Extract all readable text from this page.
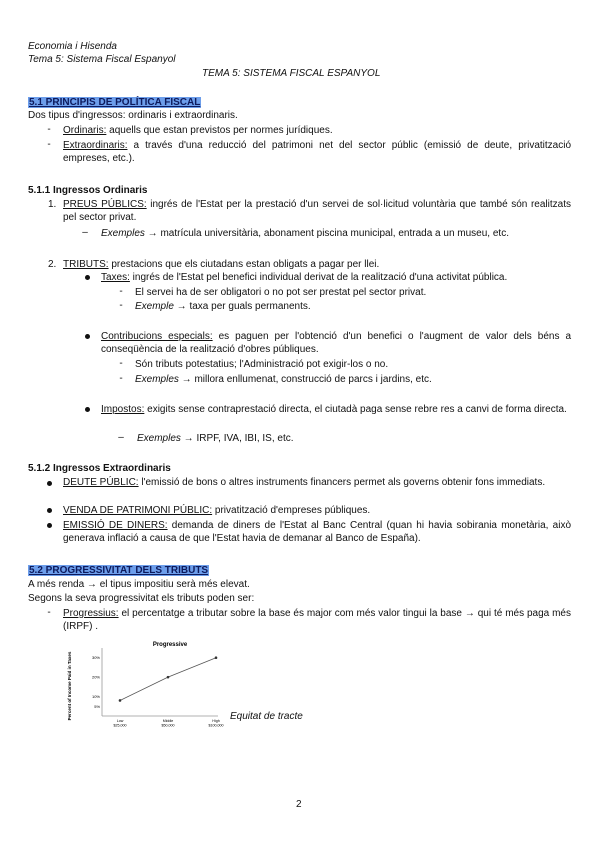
Economia i Hisenda
Tema 5: Sistema Fiscal Espanyol
TEMA 5: SISTEMA FISCAL ESPANYOL
5.1 PRINCIPIS DE POLÍTICA FISCAL
Dos tipus d'ingressos: ordinaris i extraordinaris.
-	Ordinaris: aquells que estan previstos per normes jurídiques.
-	Extraordinaris: a través d'una reducció del patrimoni net del sector públic (emissió de deute, privatització empreses, etc.).
5.1.1 Ingressos Ordinaris
1. PREUS PÚBLICS: ingrés de l'Estat per la prestació d'un servei de sol·licitud voluntària que també són realitzats pel sector privat.
– Exemples → matrícula universitària, abonament piscina municipal, entrada a un museu, etc.
2. TRIBUTS: prestacions que els ciutadans estan obligats a pagar per llei.
Taxes: ingrés de l'Estat pel benefici individual derivat de la realització d'una activitat pública.
-	El servei ha de ser obligatori o no pot ser prestat pel sector privat.
-	Exemple → taxa per guals permanents.
Contribucions especials: es paguen per l'obtenció d'un benefici o l'augment de valor dels béns a conseqüència de la realització d'obres públiques.
-	Són tributs potestatius; l'Administració pot exigir-los o no.
-	Exemples → millora enllumenat, construcció de parcs i jardins, etc.
Impostos: exigits sense contraprestació directa, el ciutadà paga sense rebre res a canvi de forma directa.
– Exemples → IRPF, IVA, IBI, IS, etc.
5.1.2 Ingressos Extraordinaris
DEUTE PÚBLIC: l'emissió de bons o altres instruments financers permet als governs obtenir fons immediats.
VENDA DE PATRIMONI PÚBLIC: privatització d'empreses públiques.
EMISSIÓ DE DINERS: demanda de diners de l'Estat al Banc Central (quan hi havia sobirania monetària, això generava inflació a causa de que l'Estat havia de demanar al Banco de España).
5.2 PROGRESSIVITAT DELS TRIBUTS
A més renda → el tipus impositiu serà més elevat.
Segons la seva progressivitat els tributs poden ser:
-	Progressius: el percentatge a tributar sobre la base és major com més valor tingui la base → qui té més paga més (IRPF) .
Progressive
Percent of Income Paid in Taxes	5%
10%
20%
30%
Low
$25,000
Middle
$50,000
High
$100,000
Equitat de tracte
2
